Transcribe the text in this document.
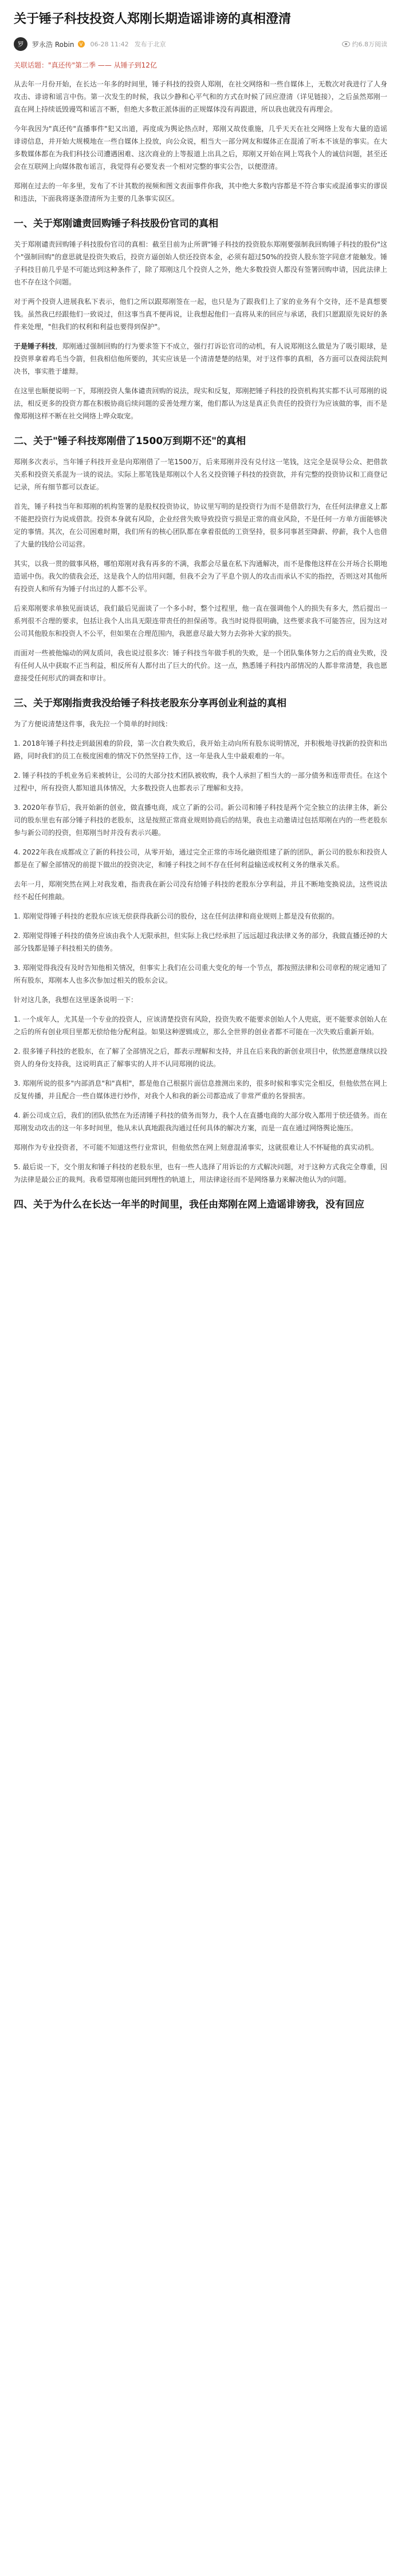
关于锤子科技投资人郑刚长期造谣诽谤的真相澄清
罗	罗永浩 Robin	V 06-28 11:42 发布于北京	约6.8万阅读
关联话题："真还传"第二季 —— 从锤子到12亿

从去年一月份开始，在长达一年多的时间里，锤子科技的投资人郑刚，在社交网络和一些自媒体上，无数次对我进行了人身攻击、诽谤和谣言中伤。第一次发生的时候，我以少静和心平气和的方式在时候了回应澄清（详见链接），之后虽然郑刚一直在网上持续诋毁谩骂和谣言不断，但绝大多数正派体面的正规媒体没有再跟进，所以我也就没有再理会。

今年我因为"真还传"直播事件"犯又出道，再度成为舆论热点时，郑刚又故伎重施，几乎天天在社交网络上发布大量的造谣诽谤信息，并开始大规模地在一些自媒体上投放，向公众说，相当大一部分网友和媒体正在混淆了听本不该是的事实。在大多数媒体都在为我们科技公司遭遇困难、这次商业的上等报道上出具之后，郑刚又开始在网上骂我个人的诚信问题，甚至还会在互联网上向媒体散布谣言，我觉得有必要发表一个相对完整的事实公告，以便澄清。

郑刚在过去的一年多里，发布了不计其数的视频和图文表面事件你我，其中绝大多数内容都是不符合事实或混淆事实的谬误和违法，下面我将逐条澄清所为主要的几条事实误区。

一、关于郑刚谴责回购锤子科技股份官司的真相

关于郑刚谴责回购锤子科技股份官司的真相：截至目前为止所谓"锤子科技的投资股东郑刚要强制我回购锤子科技的股份"这个"强制回购"的意思就是投资失败后，投资方逼创始人偿还投资本金，必须有超过50%的投资人股东签字同意才能触发。锤子科技目前几乎是不可能达到这种条件了，除了郑刚这几个投资人之外，绝大多数投资人都没有签署回购申请，因此法律上也不存在这个问题。

对于两个投资人进展我私下表示，他们之所以跟郑刚签在一起，也只是为了跟我们上了家的业务有个交待，还不是真想要钱。虽然我已经跟他们一致说过，但这事当真不便再说，让我想起他们一直将从来的回应与承诺，我们只愿跟原先说好的条件来处理，"但我们的权利和利益也要得到保护"。

于是锤子科技，郑刚通过强制回购的行为要求签下不成立，强行打诉讼官司的动机，有人说郑刚这么做是为了吸引眼球，是投资界拿着鸡毛当令箭，但我相信他所要的，其实应该是一个清清楚楚的结果，对于这件事的真相，各方面可以查阅法院判决书，事实胜于雄辩。

在这里也顺便说明一下，郑刚投资人集体谴责回购的说法，现实和反复，郑刚把锤子科技的投资机构其实都不认可郑刚的说法，相反更多的投资方都在积极协商后续问题的妥善处理方案，他们都认为这是真正负责任的投资行为应该做的事，而不是像郑刚这样不断在社交网络上哗众取宠。

二、关于"锤子科技郑刚借了1500万到期不还"的真相

郑刚多次表示，当年锤子科技开业是向郑刚借了一笔1500万，后来郑刚并没有兑付这一笔钱，这完全是误导公众、把借款关系和投资关系混为一谈的说法。实际上那笔钱是郑刚以个人名义投资锤子科技的投资款，并有完整的投资协议和工商登记记录，所有细节都可以查证。

首先，锤子科技当年和郑刚的机构签署的是股权投资协议，协议里写明的是投资行为而不是借款行为，在任何法律意义上都不能把投资行为说成借款。投资本身就有风险，企业经营失败导致投资亏损是正常的商业风险，不是任何一方单方面能够决定的事情。其次，在公司困难时期，我们所有的核心团队都在拿着很低的工资坚持，很多同事甚至降薪、停薪，我个人也借了大量的钱给公司运营。

其实，以我一贯的做事风格，哪怕郑刚对我有再多的不满，我都会尽量在私下沟通解决，而不是像他这样在公开场合长期地造谣中伤。我欠的债我会还，这是我个人的信用问题，但我不会为了平息个别人的攻击而承认不实的指控，否则这对其他所有投资人和所有为锤子付出过的人都不公平。

后来郑刚要求单独见面谈话，我们最后见面谈了一个多小时，整个过程里，他一直在强调他个人的损失有多大，然后提出一系列很不合理的要求，包括让我个人出具无限连带责任的担保函等。我当时说得很明确，这些要求我不可能答应，因为这对公司其他股东和投资人不公平，但如果在合理范围内，我愿意尽最大努力去弥补大家的损失。

而面对一些被他煽动的网友质问，我也说过很多次：锤子科技当年做手机的失败，是一个团队集体努力之后的商业失败，没有任何人从中获取不正当利益，相反所有人都付出了巨大的代价。这一点，熟悉锤子科技内部情况的人都非常清楚，我也愿意接受任何形式的调查和审计。

三、关于郑刚指责我没给锤子科技老股东分享再创业利益的真相

为了方便说清楚这件事，我先拉一个简单的时间线：

1. 2018年锤子科技走到最困难的阶段，第一次自救失败后，我开始主动向所有股东说明情况，并积极地寻找新的投资和出路，同时我们的员工在极度困难的情况下仍然坚持工作，这一年是我人生中最艰难的一年。

2. 锤子科技的手机业务后来被转让，公司的大部分技术团队被收购，我个人承担了相当大的一部分债务和连带责任。在这个过程中，所有投资人都知道具体情况，大多数投资人也都表示了理解和支持。

3. 2020年春节后，我开始新的创业，做直播电商，成立了新的公司。新公司和锤子科技是两个完全独立的法律主体，新公司的股东里也有部分锤子科技的老股东，这是按照正常商业规则协商后的结果，我也主动邀请过包括郑刚在内的一些老股东参与新公司的投资，但郑刚当时并没有表示兴趣。

4. 2022年我在成都成立了新的科技公司，从零开始，通过完全正常的市场化融资组建了新的团队，新公司的股东和投资人都是在了解全部情况的前提下做出的投资决定，和锤子科技之间不存在任何利益输送或权利义务的继承关系。

去年一月，郑刚突然在网上对我发难，指责我在新公司没有给锤子科技的老股东分享利益，并且不断地变换说法，这些说法经不起任何推敲。

1. 郑刚觉得锤子科技的老股东应该无偿获得我新公司的股份，这在任何法律和商业规则上都是没有依据的。

2. 郑刚觉得锤子科技的债务应该由我个人无限承担，但实际上我已经承担了远远超过我法律义务的部分，我做直播还掉的大部分钱都是锤子科技相关的债务。

3. 郑刚觉得我没有及时告知他相关情况，但事实上我们在公司重大变化的每一个节点，都按照法律和公司章程的规定通知了所有股东，郑刚本人也多次参加过相关的股东会议。

针对这几条，我想在这里逐条说明一下：

1. 一个成年人，尤其是一个专业的投资人，应该清楚投资有风险，投资失败不能要求创始人个人兜底，更不能要求创始人在之后的所有创业项目里都无偿给他分配利益。如果这种逻辑成立，那么全世界的创业者都不可能在一次失败后重新开始。

2. 很多锤子科技的老股东，在了解了全部情况之后，都表示理解和支持，并且在后来我的新创业项目中，依然愿意继续以投资人的身份支持我，这说明真正了解事实的人并不认同郑刚的说法。

3. 郑刚所说的很多"内部消息"和"真相"，都是他自己根据片面信息推测出来的，很多时候和事实完全相反，但他依然在网上反复传播，并且配合一些自媒体进行炒作，对我个人和我的新公司都造成了非常严重的名誉损害。

4. 新公司成立后，我们的团队依然在为还清锤子科技的债务而努力，我个人在直播电商的大部分收入都用于偿还债务。而在郑刚发动攻击的这一年多时间里，他从未认真地跟我沟通过任何具体的解决方案，而是一直在通过网络舆论施压。

郑刚作为专业投资者，不可能不知道这些行业常识，但他依然在网上刻意混淆事实，这就很难让人不怀疑他的真实动机。

5. 最后说一下，交个朋友和锤子科技的老股东里，也有一些人选择了用诉讼的方式解决问题，对于这种方式我完全尊重，因为法律是最公正的裁判。我希望郑刚也能回到理性的轨道上，用法律途径而不是网络暴力来解决他认为的问题。

四、关于为什么在长达一年半的时间里，我任由郑刚在网上造谣诽谤我，没有回应
